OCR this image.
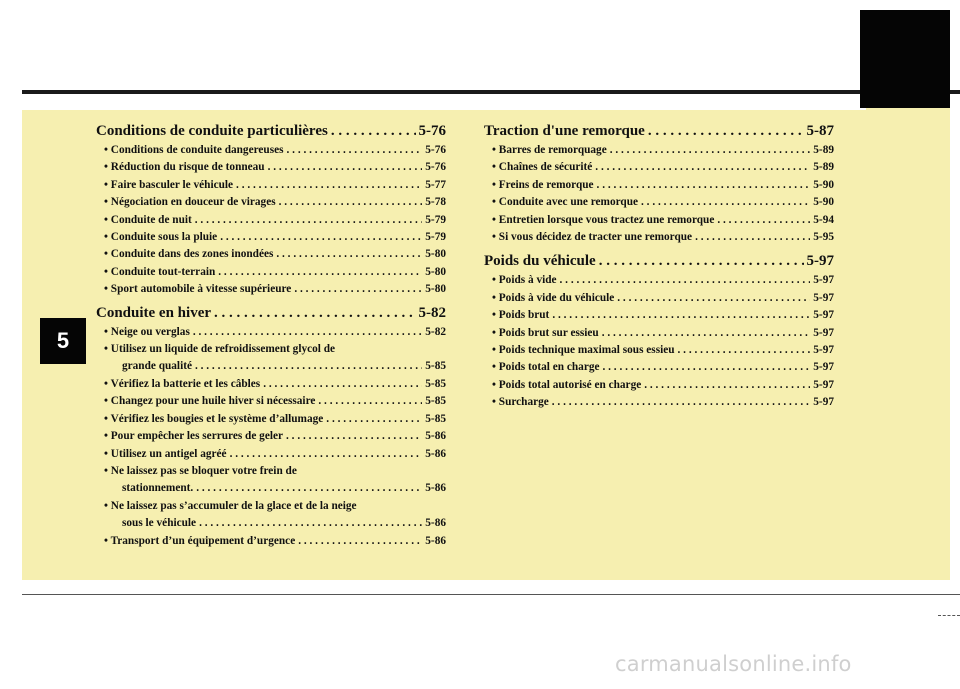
5
Conditions de conduite particulières . . .	5-76
• Conditions de conduite dangereuses . . .	5-76
• Réduction du risque de tonneau . . .	5-76
• Faire basculer le véhicule . . .	5-77
• Négociation en douceur de virages . . .	5-78
• Conduite de nuit . . .	5-79
• Conduite sous la pluie . . .	5-79
• Conduite dans des zones inondées . . .	5-80
• Conduite tout-terrain . . .	5-80
• Sport automobile à vitesse supérieure . . .	5-80
Conduite en hiver . . .	5-82
• Neige ou verglas . . .	5-82
• Utilisez un liquide de refroidissement glycol de
grande qualité . . .	5-85
• Vérifiez la batterie et les câbles . . .	5-85
• Changez pour une huile hiver si nécessaire . . .	5-85
• Vérifiez les bougies et le système d’allumage . . .	5-85
• Pour empêcher les serrures de geler . . .	5-86
• Utilisez un antigel agréé . . .	5-86
• Ne laissez pas se bloquer votre frein de
stationnement. . . .	5-86
• Ne laissez pas s’accumuler de la glace et de la neige
sous le véhicule . . .	5-86
• Transport d’un équipement d’urgence . . .	5-86
Traction d'une remorque . . .	5-87
• Barres de remorquage . . .	5-89
• Chaînes de sécurité . . .	5-89
• Freins de remorque . . .	5-90
• Conduite avec une remorque . . .	5-90
• Entretien lorsque vous tractez une remorque . . .	5-94
• Si vous décidez de tracter une remorque . . .	5-95
Poids du véhicule . . .	5-97
• Poids à vide . . .	5-97
• Poids à vide du véhicule . . .	5-97
• Poids brut . . .	5-97
• Poids brut sur essieu . . .	5-97
• Poids technique maximal sous essieu . . .	5-97
• Poids total en charge . . .	5-97
• Poids total autorisé en charge . . .	5-97
• Surcharge . . .	5-97
carmanualsonline.info
